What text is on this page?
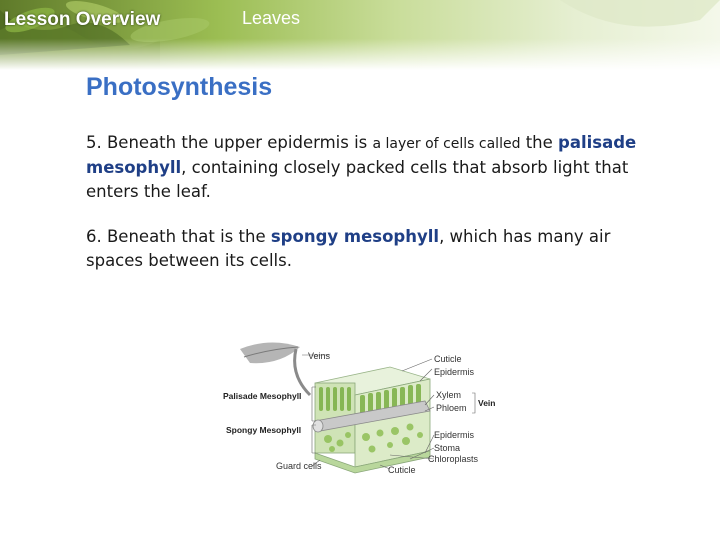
Lesson Overview	Leaves
Photosynthesis
5. Beneath the upper epidermis is a layer of cells called the palisade mesophyll, containing closely packed cells that absorb light that enters the leaf.
6. Beneath that is the spongy mesophyll, which has many air spaces between its cells.
Veins	Cuticle
Epidermis
Palisade Mesophyll	Xylem
Phloem Vein
Spongy Mesophyll	Epidermis
Stoma
Chloroplasts
Guard cells	Cuticle
